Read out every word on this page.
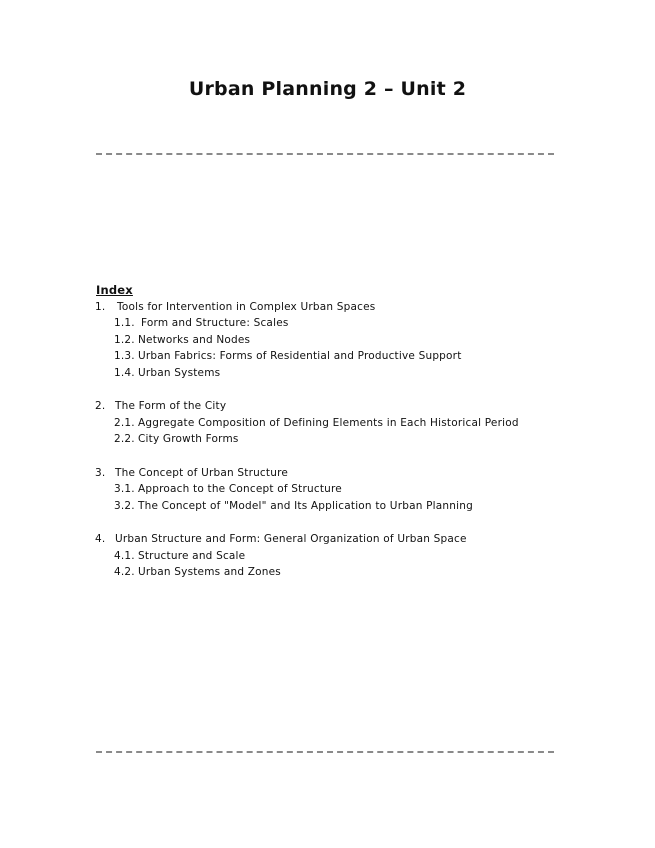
Urban Planning 2 – Unit 2
Index
1.	Tools for Intervention in Complex Urban Spaces
1.1. Form and Structure: Scales
1.2. Networks and Nodes
1.3. Urban Fabrics: Forms of Residential and Productive Support
1.4. Urban Systems
2. The Form of the City
2.1. Aggregate Composition of Defining Elements in Each Historical Period
2.2. City Growth Forms
3. The Concept of Urban Structure
3.1. Approach to the Concept of Structure
3.2. The Concept of "Model" and Its Application to Urban Planning
4. Urban Structure and Form: General Organization of Urban Space
4.1. Structure and Scale
4.2. Urban Systems and Zones
